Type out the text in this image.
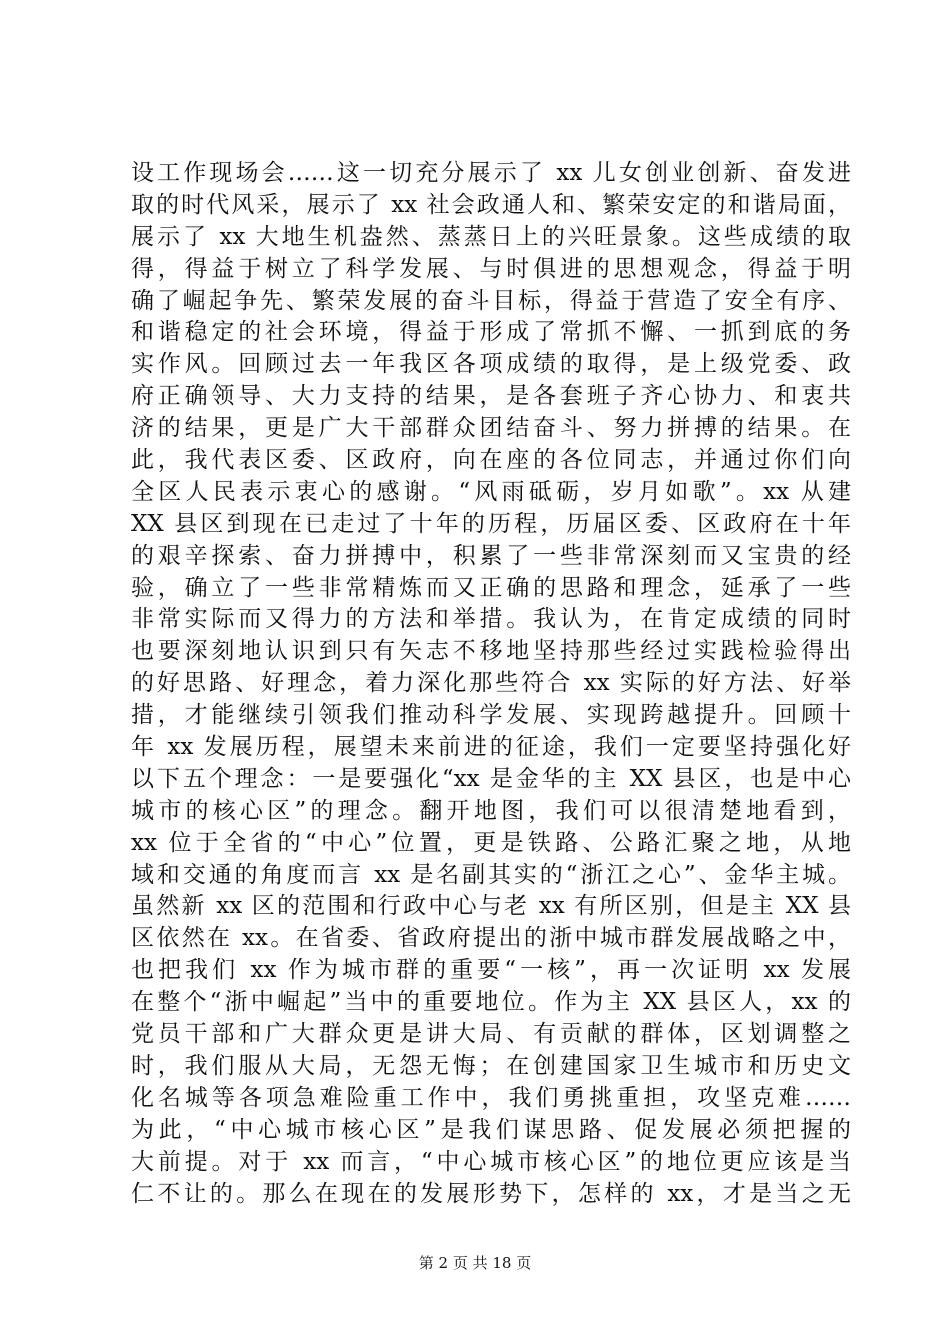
设工作现场会……这一切充分展示了 xx 儿女创业创新、奋发进
取的时代风采，展示了 xx 社会政通人和、繁荣安定的和谐局面，
展示了 xx 大地生机盎然、蒸蒸日上的兴旺景象。这些成绩的取
得，得益于树立了科学发展、与时俱进的思想观念，得益于明
确了崛起争先、繁荣发展的奋斗目标，得益于营造了安全有序、
和谐稳定的社会环境，得益于形成了常抓不懈、一抓到底的务
实作风。回顾过去一年我区各项成绩的取得，是上级党委、政
府正确领导、大力支持的结果，是各套班子齐心协力、和衷共
济的结果，更是广大干部群众团结奋斗、努力拼搏的结果。在
此，我代表区委、区政府，向在座的各位同志，并通过你们向
全区人民表示衷心的感谢。“风雨砥砺，岁月如歌”。xx 从建
XX 县区到现在已走过了十年的历程，历届区委、区政府在十年
的艰辛探索、奋力拼搏中，积累了一些非常深刻而又宝贵的经
验，确立了一些非常精炼而又正确的思路和理念，延承了一些
非常实际而又得力的方法和举措。我认为，在肯定成绩的同时
也要深刻地认识到只有矢志不移地坚持那些经过实践检验得出
的好思路、好理念，着力深化那些符合 xx 实际的好方法、好举
措，才能继续引领我们推动科学发展、实现跨越提升。回顾十
年 xx 发展历程，展望未来前进的征途，我们一定要坚持强化好
以下五个理念：一是要强化“xx 是金华的主 XX 县区，也是中心
城市的核心区”的理念。翻开地图，我们可以很清楚地看到，
xx 位于全省的“中心”位置，更是铁路、公路汇聚之地，从地
域和交通的角度而言 xx 是名副其实的“浙江之心”、金华主城。
虽然新 xx 区的范围和行政中心与老 xx 有所区别，但是主 XX 县
区依然在 xx。在省委、省政府提出的浙中城市群发展战略之中，
也把我们 xx 作为城市群的重要“一核”，再一次证明 xx 发展
在整个“浙中崛起”当中的重要地位。作为主 XX 县区人，xx 的
党员干部和广大群众更是讲大局、有贡献的群体，区划调整之
时，我们服从大局，无怨无悔；在创建国家卫生城市和历史文
化名城等各项急难险重工作中，我们勇挑重担，攻坚克难……
为此，“中心城市核心区”是我们谋思路、促发展必须把握的
大前提。对于 xx 而言，“中心城市核心区”的地位更应该是当
仁不让的。那么在现在的发展形势下，怎样的 xx，才是当之无
第 2 页 共 18 页
